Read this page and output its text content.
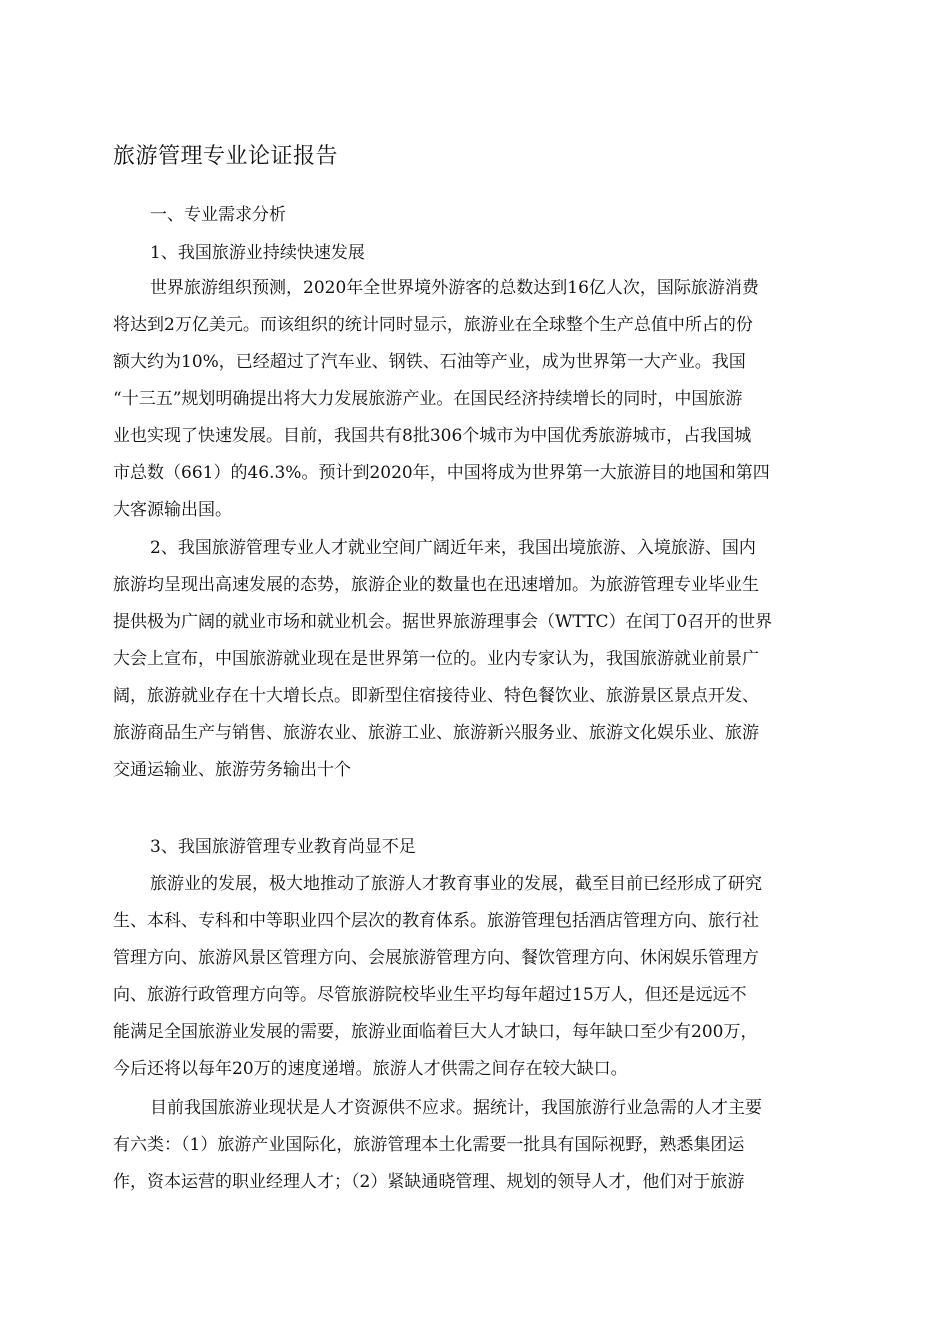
旅游管理专业论证报告
一、专业需求分析
1、我国旅游业持续快速发展
世界旅游组织预测，2020年全世界境外游客的总数达到16亿人次，国际旅游消费
将达到2万亿美元。而该组织的统计同时显示，旅游业在全球整个生产总值中所占的份
额大约为10%，已经超过了汽车业、钢铁、石油等产业，成为世界第一大产业。我国
“十三五”规划明确提出将大力发展旅游产业。在国民经济持续增长的同时，中国旅游
业也实现了快速发展。目前，我国共有8批306个城市为中国优秀旅游城市，占我国城
市总数（661）的46.3%。预计到2020年，中国将成为世界第一大旅游目的地国和第四
大客源输出国。
2、我国旅游管理专业人才就业空间广阔近年来，我国出境旅游、入境旅游、国内
旅游均呈现出高速发展的态势，旅游企业的数量也在迅速增加。为旅游管理专业毕业生
提供极为广阔的就业市场和就业机会。据世界旅游理事会（WTTC）在闰丁0召开的世界
大会上宣布，中国旅游就业现在是世界第一位的。业内专家认为，我国旅游就业前景广
阔，旅游就业存在十大增长点。即新型住宿接待业、特色餐饮业、旅游景区景点开发、
旅游商品生产与销售、旅游农业、旅游工业、旅游新兴服务业、旅游文化娱乐业、旅游
交通运输业、旅游劳务输出十个
3、我国旅游管理专业教育尚显不足
旅游业的发展，极大地推动了旅游人才教育事业的发展，截至目前已经形成了研究
生、本科、专科和中等职业四个层次的教育体系。旅游管理包括酒店管理方向、旅行社
管理方向、旅游风景区管理方向、会展旅游管理方向、餐饮管理方向、休闲娱乐管理方
向、旅游行政管理方向等。尽管旅游院校毕业生平均每年超过15万人，但还是远远不
能满足全国旅游业发展的需要，旅游业面临着巨大人才缺口，每年缺口至少有200万，
今后还将以每年20万的速度递增。旅游人才供需之间存在较大缺口。
目前我国旅游业现状是人才资源供不应求。据统计，我国旅游行业急需的人才主要
有六类：（1）旅游产业国际化，旅游管理本土化需要一批具有国际视野，熟悉集团运
作，资本运营的职业经理人才；（2）紧缺通晓管理、规划的领导人才，他们对于旅游
